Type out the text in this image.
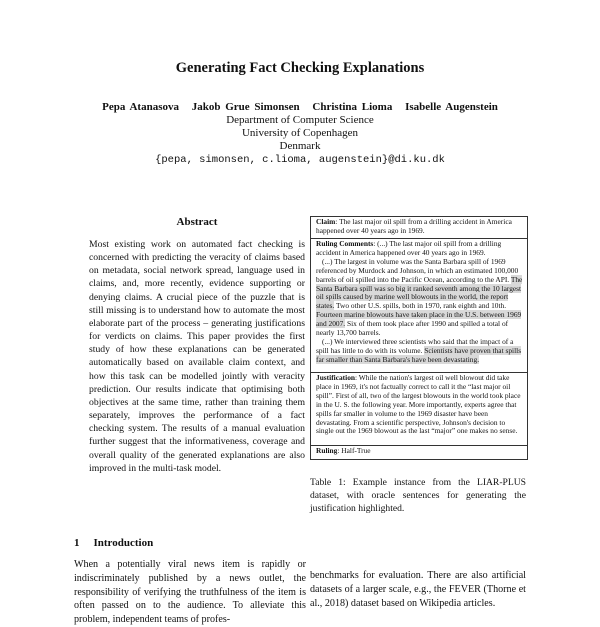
Generating Fact Checking Explanations
Pepa Atanasova Jakob Grue Simonsen Christina Lioma Isabelle Augenstein
Department of Computer Science
University of Copenhagen
Denmark
{pepa, simonsen, c.lioma, augenstein}@di.ku.dk
Abstract
Most existing work on automated fact checking is concerned with predicting the veracity of claims based on metadata, social network spread, language used in claims, and, more recently, evidence supporting or denying claims. A crucial piece of the puzzle that is still missing is to understand how to automate the most elaborate part of the process – generating justifications for verdicts on claims. This paper provides the first study of how these explanations can be generated automatically based on available claim context, and how this task can be modelled jointly with veracity prediction. Our results indicate that optimising both objectives at the same time, rather than training them separately, improves the performance of a fact checking system. The results of a manual evaluation further suggest that the informativeness, coverage and overall quality of the generated explanations are also improved in the multi-task model.
1 Introduction
When a potentially viral news item is rapidly or indiscriminately published by a news outlet, the responsibility of verifying the truthfulness of the item is often passed on to the audience. To alleviate this problem, independent teams of profes-
Claim: The last major oil spill from a drilling accident in America happened over 40 years ago in 1969.
Ruling Comments: (...) The last major oil spill from a drilling accident in America happened over 40 years ago in 1969.
(...) The largest in volume was the Santa Barbara spill of 1969 referenced by Murdock and Johnson, in which an estimated 100,000 barrels of oil spilled into the Pacific Ocean, according to the API. The Santa Barbara spill was so big it ranked seventh among the 10 largest oil spills caused by marine well blowouts in the world, the report states. Two other U.S. spills, both in 1970, rank eighth and 10th. Fourteen marine blowouts have taken place in the U.S. between 1969 and 2007. Six of them took place after 1990 and spilled a total of nearly 13,700 barrels.
(...) We interviewed three scientists who said that the impact of a spill has little to do with its volume. Scientists have proven that spills far smaller than Santa Barbara's have been devastating.
Justification: While the nation's largest oil well blowout did take place in 1969, it's not factually correct to call it the “last major oil spill”. First of all, two of the largest blowouts in the world took place in the U. S. the following year. More importantly, experts agree that spills far smaller in volume to the 1969 disaster have been devastating. From a scientific perspective, Johnson's decision to single out the 1969 blowout as the last “major” one makes no sense.
Ruling: Half-True
Table 1: Example instance from the LIAR-PLUS dataset, with oracle sentences for generating the justification highlighted.
benchmarks for evaluation. There are also artificial datasets of a larger scale, e.g., the FEVER (Thorne et al., 2018) dataset based on Wikipedia articles.
